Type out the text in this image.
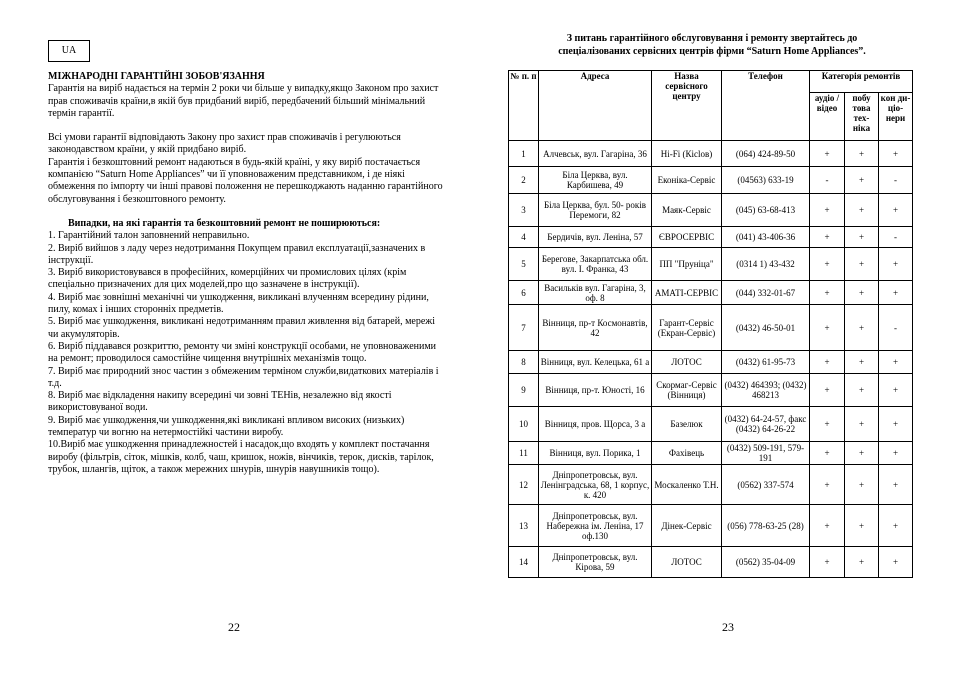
UA

МІЖНАРОДНІ ГАРАНТІЙНІ ЗОБОВ'ЯЗАННЯ

Гарантія на виріб надається на термін 2 роки чи більше у випадку,якщо Законом про захист прав споживачів країни,в якій був придбаний виріб, передбачений більший мінімальний термін гарантії.

Всі умови гарантії відповідають Закону про захист прав споживачів і регулюються законодавством країни, у якій придбано виріб.

Гарантія і безкоштовний ремонт надаються в будь-якій країні, у яку виріб постачається компанією “Saturn Home Appliances” чи її уповноваженим представником, і де ніякі обмеження по імпорту чи інші правові положення не перешкоджають наданню гарантійного обслуговування і безкоштовного ремонту.

Випадки, на які гарантія та безкоштовний ремонт не поширюються:

1. Гарантійний талон заповнений неправильно.

2. Виріб вийшов з ладу через недотримання Покупцем правил експлуатації,зазначених в інструкції.

3. Виріб використовувався в професійних, комерційних чи промислових цілях (крім спеціально призначених для цих моделей,про що зазначене в інструкції).

4. Виріб має зовнішні механічні чи ушкодження, викликані влученням всередину рідини, пилу, комах і інших сторонніх предметів.

5. Виріб має ушкодження, викликані недотриманням правил живлення від батарей, мережі чи акумуляторів.

6. Виріб піддавався розкриттю, ремонту чи зміні конструкції особами, не уповноваженими на ремонт; проводилося самостійне чищення внутрішніх механізмів тощо.

7. Виріб має природний знос частин з обмеженим терміном служби,видаткових матеріалів і т.д.

8. Виріб має відкладення накипу всередині чи зовні ТЕНів, незалежно від якості використовуваної води.

9. Виріб має ушкодження,чи ушкодження,які викликані впливом високих (низьких) температур чи вогню на нетермостійкі частини виробу.

10.Виріб має ушкодження принадлежностей і насадок,що входять у комплект постачання виробу (фільтрів, сіток, мішків, колб, чаш, кришок, ножів, вінчиків, терок, дисків, тарілок, трубок, шлангів, щіток, а також мережних шнурів, шнурів навушників тощо).

22
З питань гарантійного обслуговування і ремонту звертайтесь до
спеціалізованих сервісних центрів фірми “Saturn Home Appliances”.
№ п. п	Адреса	Назва сервісного центру	Телефон	Категорія ремонтів		
				аудіо / відео	побу това тех- ніка	кон ди- ціо- нери
1	Алчевськ, вул. Гагаріна, 36	Hi-Fi (Кісlов)	(064) 424-89-50	+	+	+
2	Біла Церква, вул. Карбишева, 49	Еконіка-Сервіс	(04563) 633-19	-	+	-
3	Біла Церква, бул. 50- років Перемоги, 82	Маяк-Сервіс	(045) 63-68-413	+	+	+
4	Бердичів, вул. Леніна, 57	ЄВРОСЕРВІС	(041) 43-406-36	+	+	-
5	Берегове, Закарпатська обл. вул. І. Франка, 43	ПП "Пруніца"	(0314 1) 43-432	+	+	+
6	Васильків вул. Гагаріна, 3, оф. 8	АМАТІ-СЕРВІС	(044) 332-01-67	+	+	+
7	Вінниця, пр-т Космонавтів, 42	Гарант-Сервіс (Екран-Сервіс)	(0432) 46-50-01	+	+	-
8	Вінниця, вул. Келецька, 61 а	ЛОТОС	(0432) 61-95-73	+	+	+
9	Вінниця, пр-т. Юності, 16	Скормаг-Сервіс (Вінниця)	(0432) 464393; (0432) 468213	+	+	+
10	Вінниця, пров. Щорса, 3 а	Базелюк	(0432) 64-24-57, факс (0432) 64-26-22	+	+	+
11	Вінниця, вул. Порика, 1	Фахівець	(0432) 509-191, 579-191	+	+	+
12	Дніпропетровськ, вул. Ленінградська, 68, 1 корпус, к. 420	Москаленко Т.Н.	(0562) 337-574	+	+	+
13	Дніпропетровськ, вул. Набережна ім. Леніна, 17 оф.130	Дінек-Сервіс	(056) 778-63-25 (28)	+	+	+
14	Дніпропетровськ, вул. Кірова, 59	ЛОТОС	(0562) 35-04-09	+	+	+
23
